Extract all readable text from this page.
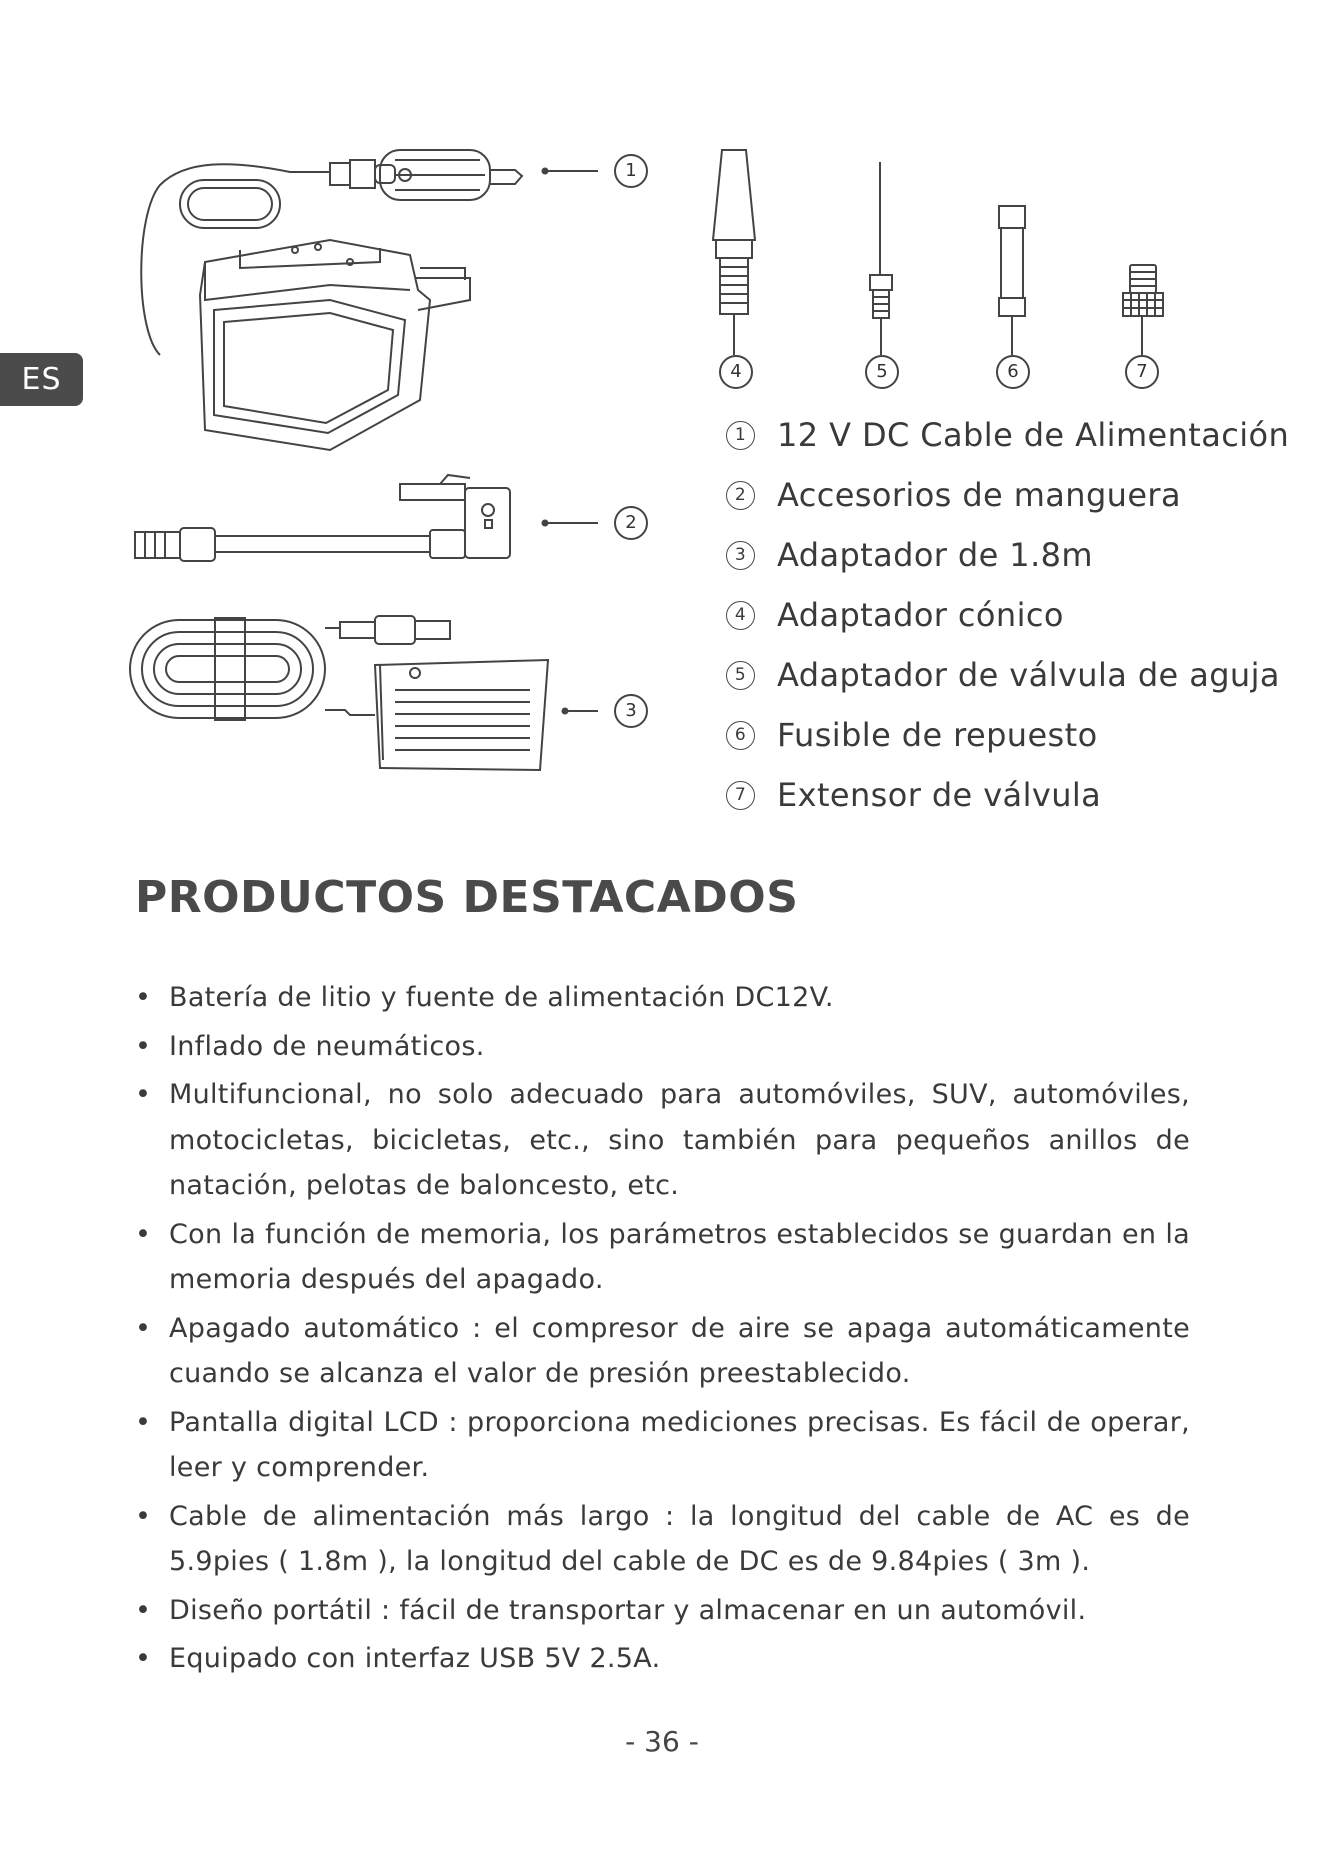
ES
1
2
3
4	5	6	7
1 12 V DC Cable de Alimentación
2 Accesorios de manguera
3 Adaptador de 1.8m
4 Adaptador cónico
5 Adaptador de válvula de aguja
6 Fusible de repuesto
7 Extensor de válvula
PRODUCTOS DESTACADOS
• Batería de litio y fuente de alimentación DC12V.
• Inflado de neumáticos.
• Multifuncional, no solo adecuado para automóviles, SUV, automóviles, motocicletas, bicicletas, etc., sino también para pequeños anillos de natación, pelotas de baloncesto, etc.
• Con la función de memoria, los parámetros establecidos se guardan en la memoria después del apagado.
• Apagado automático : el compresor de aire se apaga automáticamente cuando se alcanza el valor de presión preestablecido.
• Pantalla digital LCD : proporciona mediciones precisas. Es fácil de operar, leer y comprender.
• Cable de alimentación más largo : la longitud del cable de AC es de 5.9pies ( 1.8m ), la longitud del cable de DC es de 9.84pies ( 3m ).
• Diseño portátil : fácil de transportar y almacenar en un automóvil.
• Equipado con interfaz USB 5V 2.5A.
- 36 -
